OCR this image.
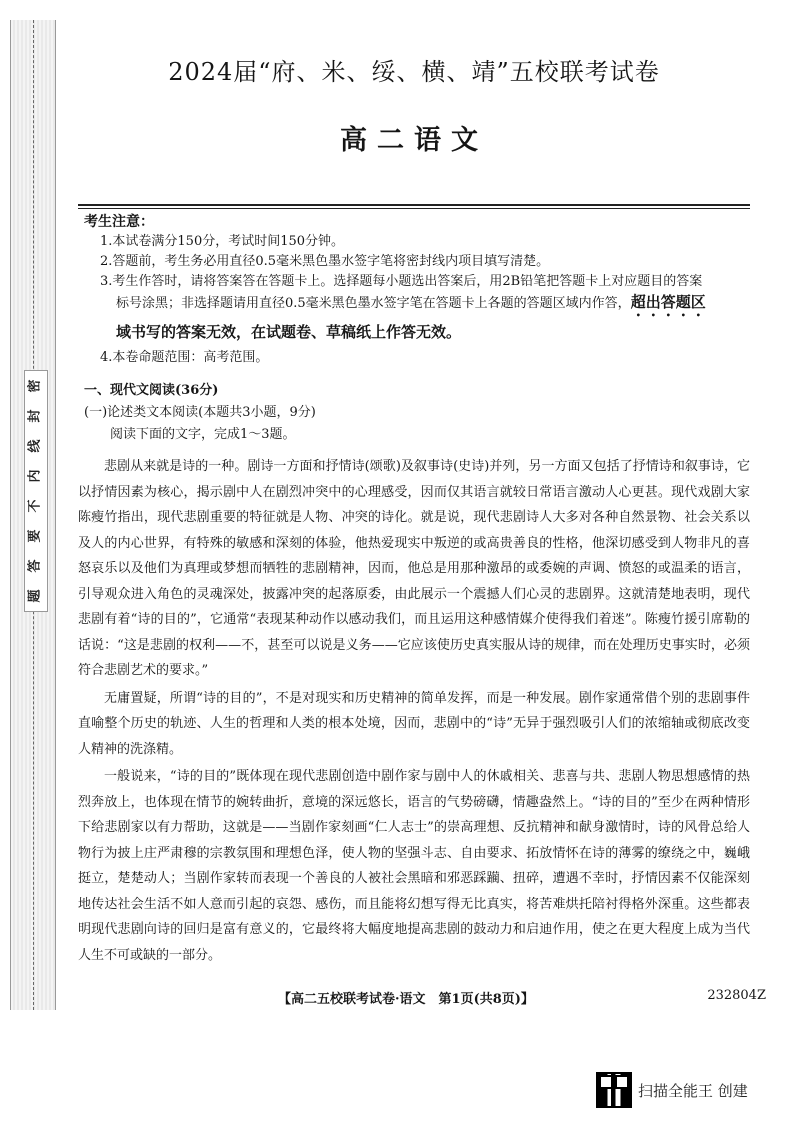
密
封
线
内
不
要
答
题
2024届“府、米、绥、横、靖”五校联考试卷
高二语文
考生注意：
1.本试卷满分150分，考试时间150分钟。
2.答题前，考生务必用直径0.5毫米黑色墨水签字笔将密封线内项目填写清楚。
3.考生作答时，请将答案答在答题卡上。选择题每小题选出答案后，用2B铅笔把答题卡上对应题目的答案
标号涂黑；非选择题请用直径0.5毫米黑色墨水签字笔在答题卡上各题的答题区域内作答，超出答题区
域书写的答案无效，在试题卷、草稿纸上作答无效。
4.本卷命题范围：高考范围。
一、现代文阅读(36分)
(一)论述类文本阅读(本题共3小题，9分)
阅读下面的文字，完成1～3题。

悲剧从来就是诗的一种。剧诗一方面和抒情诗(颂歌)及叙事诗(史诗)并列，另一方面又包括了抒情诗和叙事诗，它以抒情因素为核心，揭示剧中人在剧烈冲突中的心理感受，因而仅其语言就较日常语言激动人心更甚。现代戏剧大家陈瘦竹指出，现代悲剧重要的特征就是人物、冲突的诗化。就是说，现代悲剧诗人大多对各种自然景物、社会关系以及人的内心世界，有特殊的敏感和深刻的体验，他热爱现实中叛逆的或高贵善良的性格，他深切感受到人物非凡的喜怒哀乐以及他们为真理或梦想而牺牲的悲剧精神，因而，他总是用那种激昂的或委婉的声调、愤怒的或温柔的语言，引导观众进入角色的灵魂深处，披露冲突的起落原委，由此展示一个震撼人们心灵的悲剧界。这就清楚地表明，现代悲剧有着“诗的目的”，它通常“表现某种动作以感动我们，而且运用这种感情媒介使得我们着迷”。陈瘦竹援引席勒的话说：“这是悲剧的权利——不，甚至可以说是义务——它应该使历史真实服从诗的规律，而在处理历史事实时，必须符合悲剧艺术的要求。”

无庸置疑，所谓“诗的目的”，不是对现实和历史精神的简单发挥，而是一种发展。剧作家通常借个别的悲剧事件直喻整个历史的轨迹、人生的哲理和人类的根本处境，因而，悲剧中的“诗”无异于强烈吸引人们的浓缩轴或彻底改变人精神的洗涤精。

一般说来，“诗的目的”既体现在现代悲剧创造中剧作家与剧中人的休戚相关、悲喜与共、悲剧人物思想感情的热烈奔放上，也体现在情节的婉转曲折，意境的深远悠长，语言的气势磅礴，情趣盎然上。“诗的目的”至少在两种情形下给悲剧家以有力帮助，这就是——当剧作家刻画“仁人志士”的崇高理想、反抗精神和献身激情时，诗的风骨总给人物行为披上庄严肃穆的宗教氛围和理想色泽，使人物的坚强斗志、自由要求、拓放情怀在诗的薄雾的缭绕之中，巍峨挺立，楚楚动人；当剧作家转而表现一个善良的人被社会黑暗和邪恶踩躏、扭碎，遭遇不幸时，抒情因素不仅能深刻地传达社会生活不如人意而引起的哀怨、感伤，而且能将幻想写得无比真实，将苦难烘托陪衬得格外深重。这些都表明现代悲剧向诗的回归是富有意义的，它最终将大幅度地提高悲剧的鼓动力和启迪作用，使之在更大程度上成为当代人生不可或缺的一部分。

【高二五校联考试卷·语文　第1页(共8页)】	232804Z
扫描全能王 创建
